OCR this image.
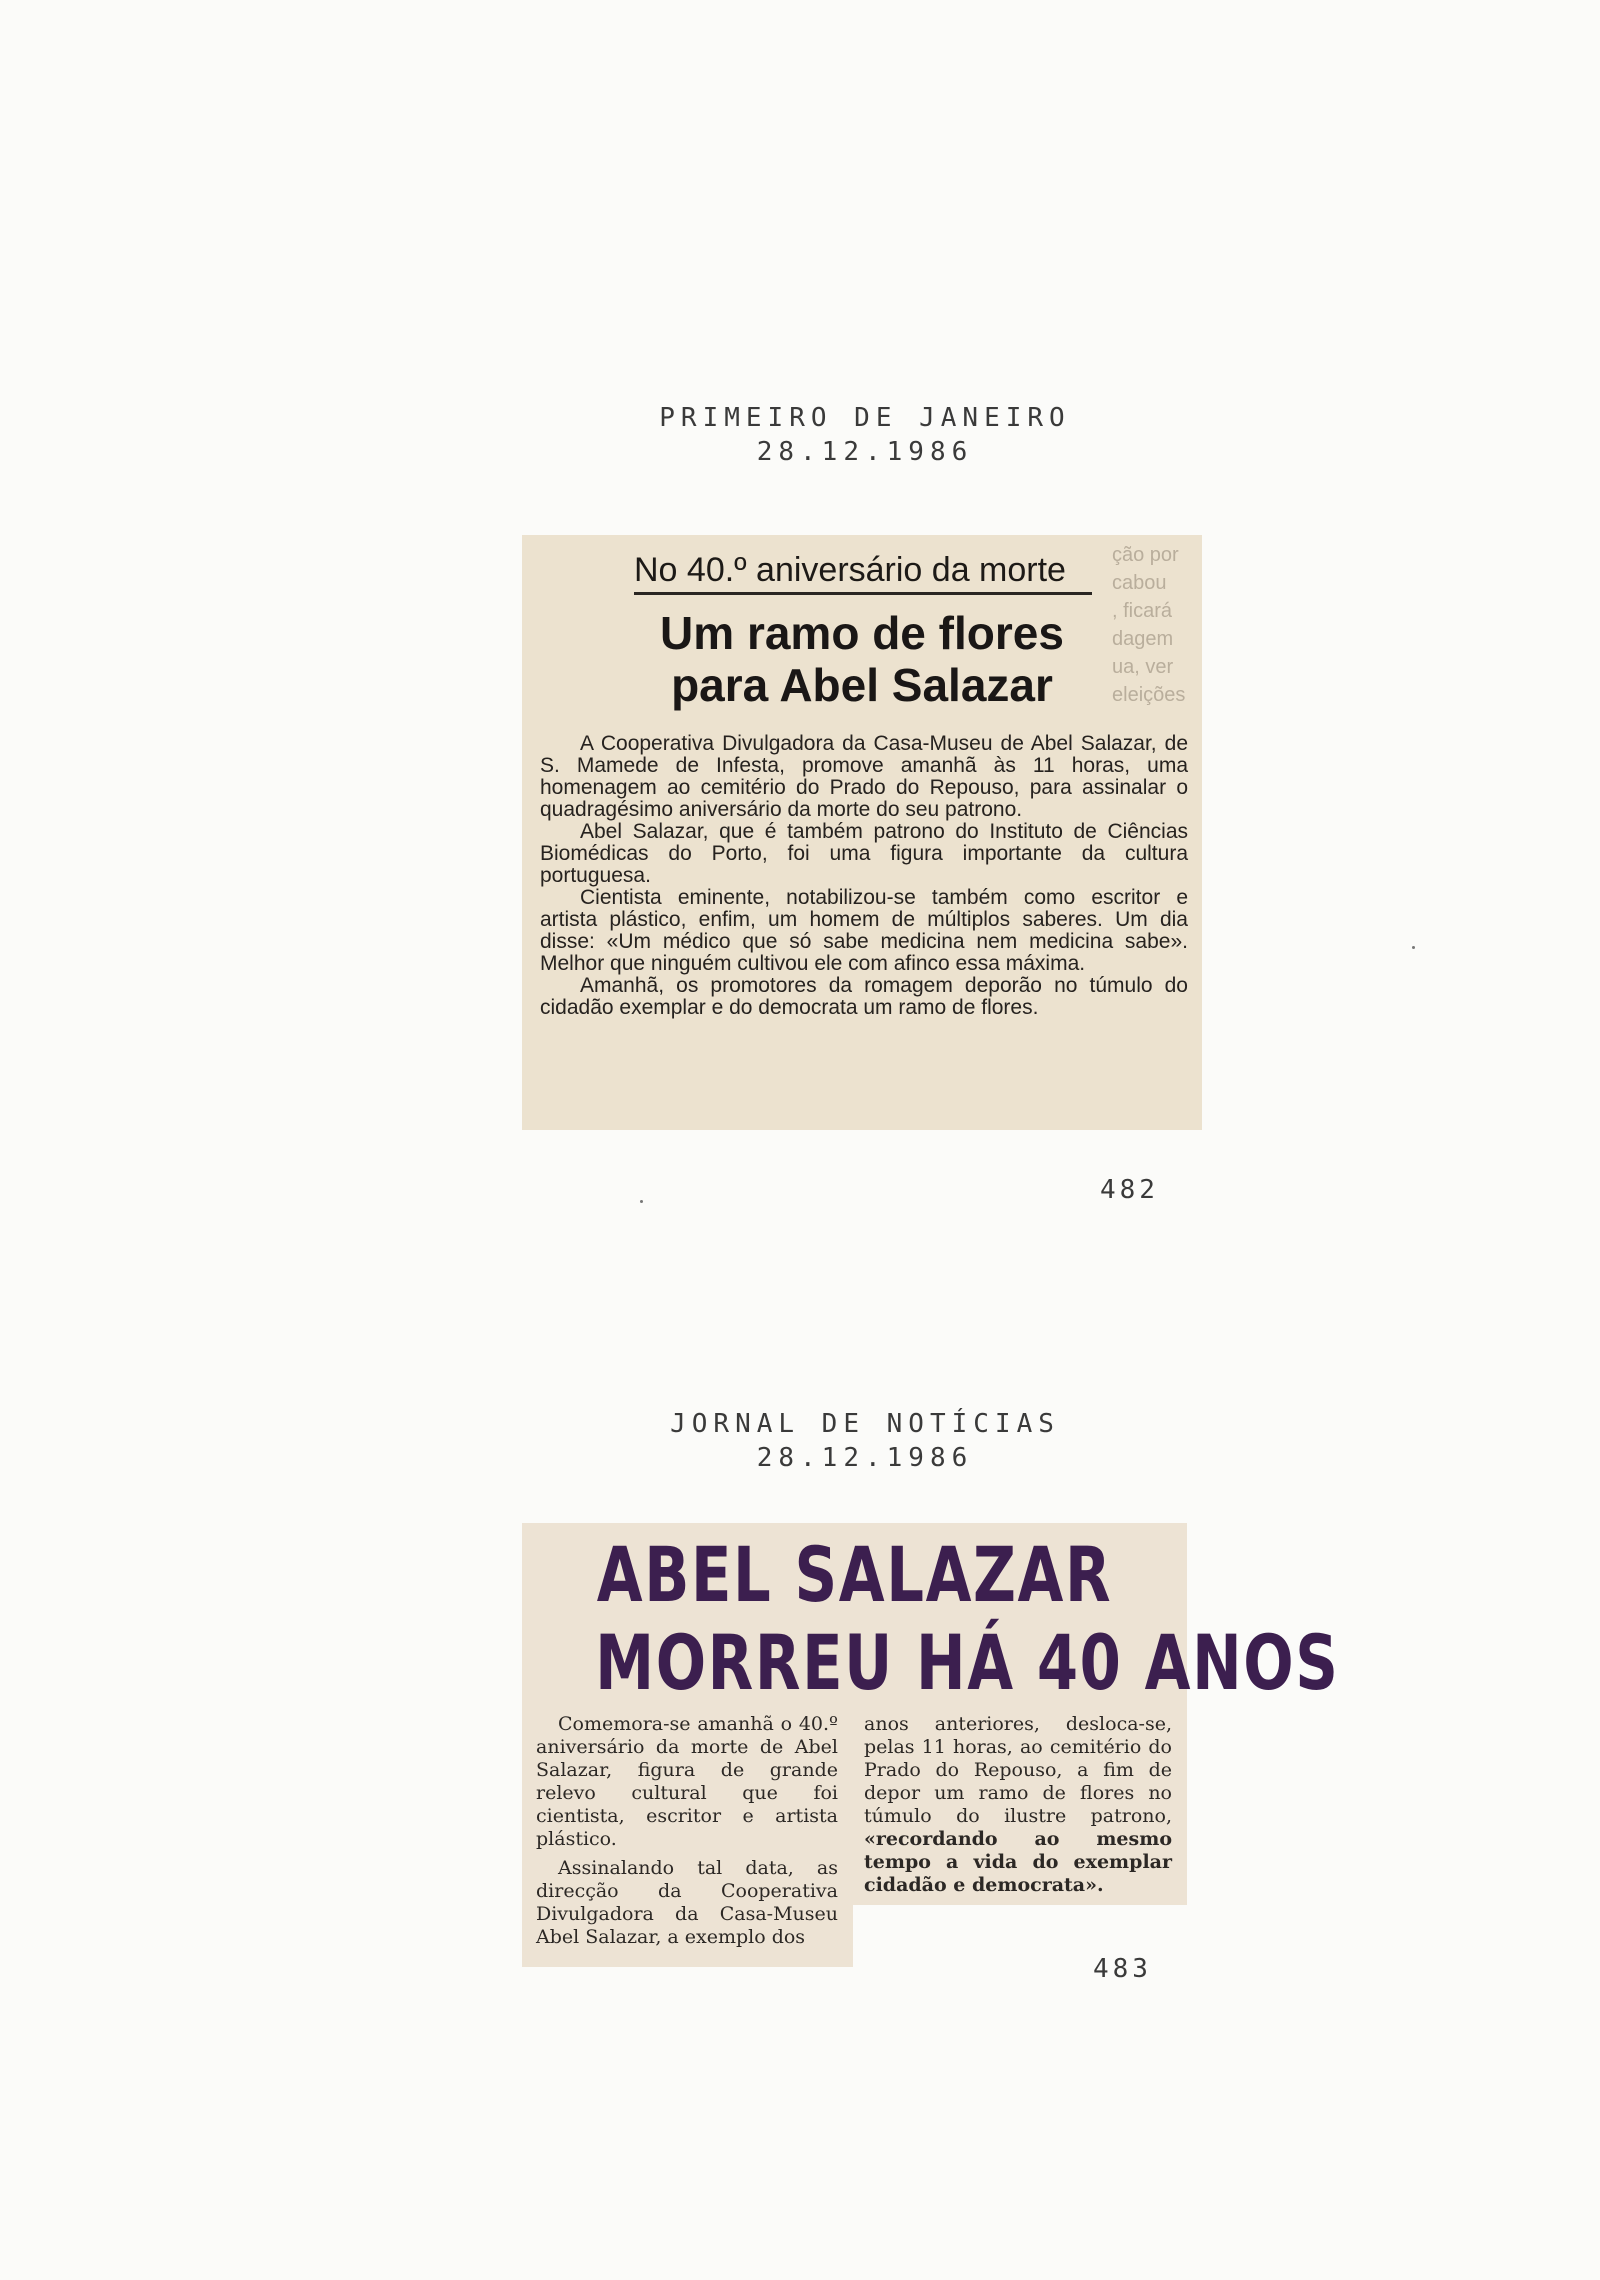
PRIMEIRO DE JANEIRO
28.12.1986
ção por
cabou
, ficará
dagem
ua, ver
eleições
No 40.º aniversário da morte
Um ramo de flores
para Abel Salazar

A Cooperativa Divulgadora da Casa-Museu de Abel Salazar, de S. Mamede de Infesta, promove amanhã às 11 horas, uma homenagem ao cemitério do Prado do Repouso, para assinalar o quadragésimo aniversário da morte do seu patrono.

Abel Salazar, que é também patrono do Instituto de Ciências Biomédicas do Porto, foi uma figura importante da cultura portuguesa.

Cientista eminente, notabilizou-se também como escritor e artista plástico, enfim, um homem de múltiplos saberes. Um dia disse: «Um médico que só sabe medicina nem medicina sabe». Melhor que ninguém cultivou ele com afinco essa máxima.

Amanhã, os promotores da romagem deporão no túmulo do cidadão exemplar e do democrata um ramo de flores.

482
JORNAL DE NOTÍCIAS
28.12.1986
ABEL SALAZAR
MORREU HÁ 40 ANOS

Comemora-se amanhã o 40.º aniversário da morte de Abel Salazar, figura de grande relevo cultural que foi cientista, escritor e artista plástico.

Assinalando tal data, as direcção da Cooperativa Divulgadora da Casa-Museu Abel Salazar, a exemplo dos

anos anteriores, desloca-se, pelas 11 horas, ao cemitério do Prado do Repouso, a fim de depor um ramo de flores no túmulo do ilustre patrono, «recordando ao mesmo tempo a vida do exemplar cidadão e democrata».
483
